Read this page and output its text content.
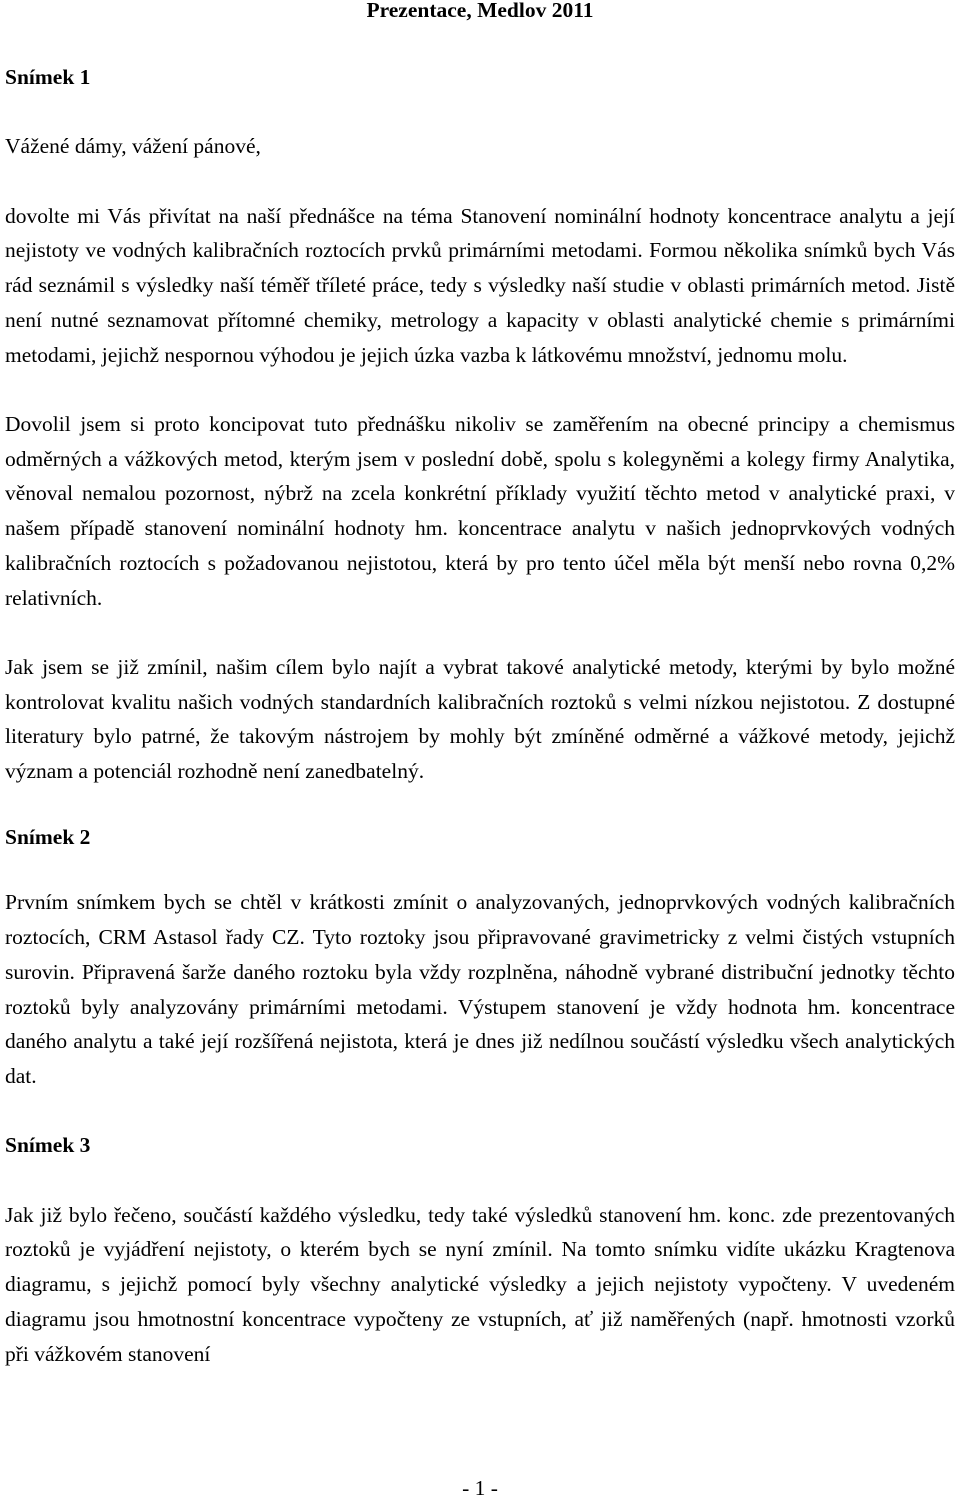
Prezentace, Medlov 2011
Snímek 1

Vážené dámy, vážení pánové,

dovolte mi Vás přivítat na naší přednášce na téma Stanovení nominální hodnoty koncentrace analytu a její nejistoty ve vodných kalibračních roztocích prvků primárními metodami. Formou několika snímků bych Vás rád seznámil s výsledky naší téměř tříleté práce, tedy s výsledky naší studie v oblasti primárních metod. Jistě není nutné seznamovat přítomné chemiky, metrology a kapacity v oblasti analytické chemie s primárními metodami, jejichž nespornou výhodou je jejich úzka vazba k látkovému množství, jednomu molu.

Dovolil jsem si proto koncipovat tuto přednášku nikoliv se zaměřením na obecné principy a chemismus odměrných a vážkových metod, kterým jsem v poslední době, spolu s kolegyněmi a kolegy firmy Analytika, věnoval nemalou pozornost, nýbrž na zcela konkrétní příklady využití těchto metod v analytické praxi, v našem případě stanovení nominální hodnoty hm. koncentrace analytu v našich jednoprvkových vodných kalibračních roztocích s požadovanou nejistotou, která by pro tento účel měla být menší nebo rovna 0,2% relativních.

Jak jsem se již zmínil, našim cílem bylo najít a vybrat takové analytické metody, kterými by bylo možné kontrolovat kvalitu našich vodných standardních kalibračních roztoků s velmi nízkou nejistotou. Z dostupné literatury bylo patrné, že takovým nástrojem by mohly být zmíněné odměrné a vážkové metody, jejichž význam a potenciál rozhodně není zanedbatelný.

Snímek 2

Prvním snímkem bych se chtěl v krátkosti zmínit o analyzovaných, jednoprvkových vodných kalibračních roztocích, CRM Astasol řady CZ. Tyto roztoky jsou připravované gravimetricky z velmi čistých vstupních surovin. Připravená šarže daného roztoku byla vždy rozplněna, náhodně vybrané distribuční jednotky těchto roztoků byly analyzovány primárními metodami. Výstupem stanovení je vždy hodnota hm. koncentrace daného analytu a také její rozšířená nejistota, která je dnes již nedílnou součástí výsledku všech analytických dat.

Snímek 3

Jak již bylo řečeno, součástí každého výsledku, tedy také výsledků stanovení hm. konc. zde prezentovaných roztoků je vyjádření nejistoty, o kterém bych se nyní zmínil. Na tomto snímku vidíte ukázku Kragtenova diagramu, s jejichž pomocí byly všechny analytické výsledky a jejich nejistoty vypočteny. V uvedeném diagramu jsou hmotnostní koncentrace vypočteny ze vstupních, ať již naměřených (např. hmotnosti vzorků při vážkovém stanovení

- 1 -
